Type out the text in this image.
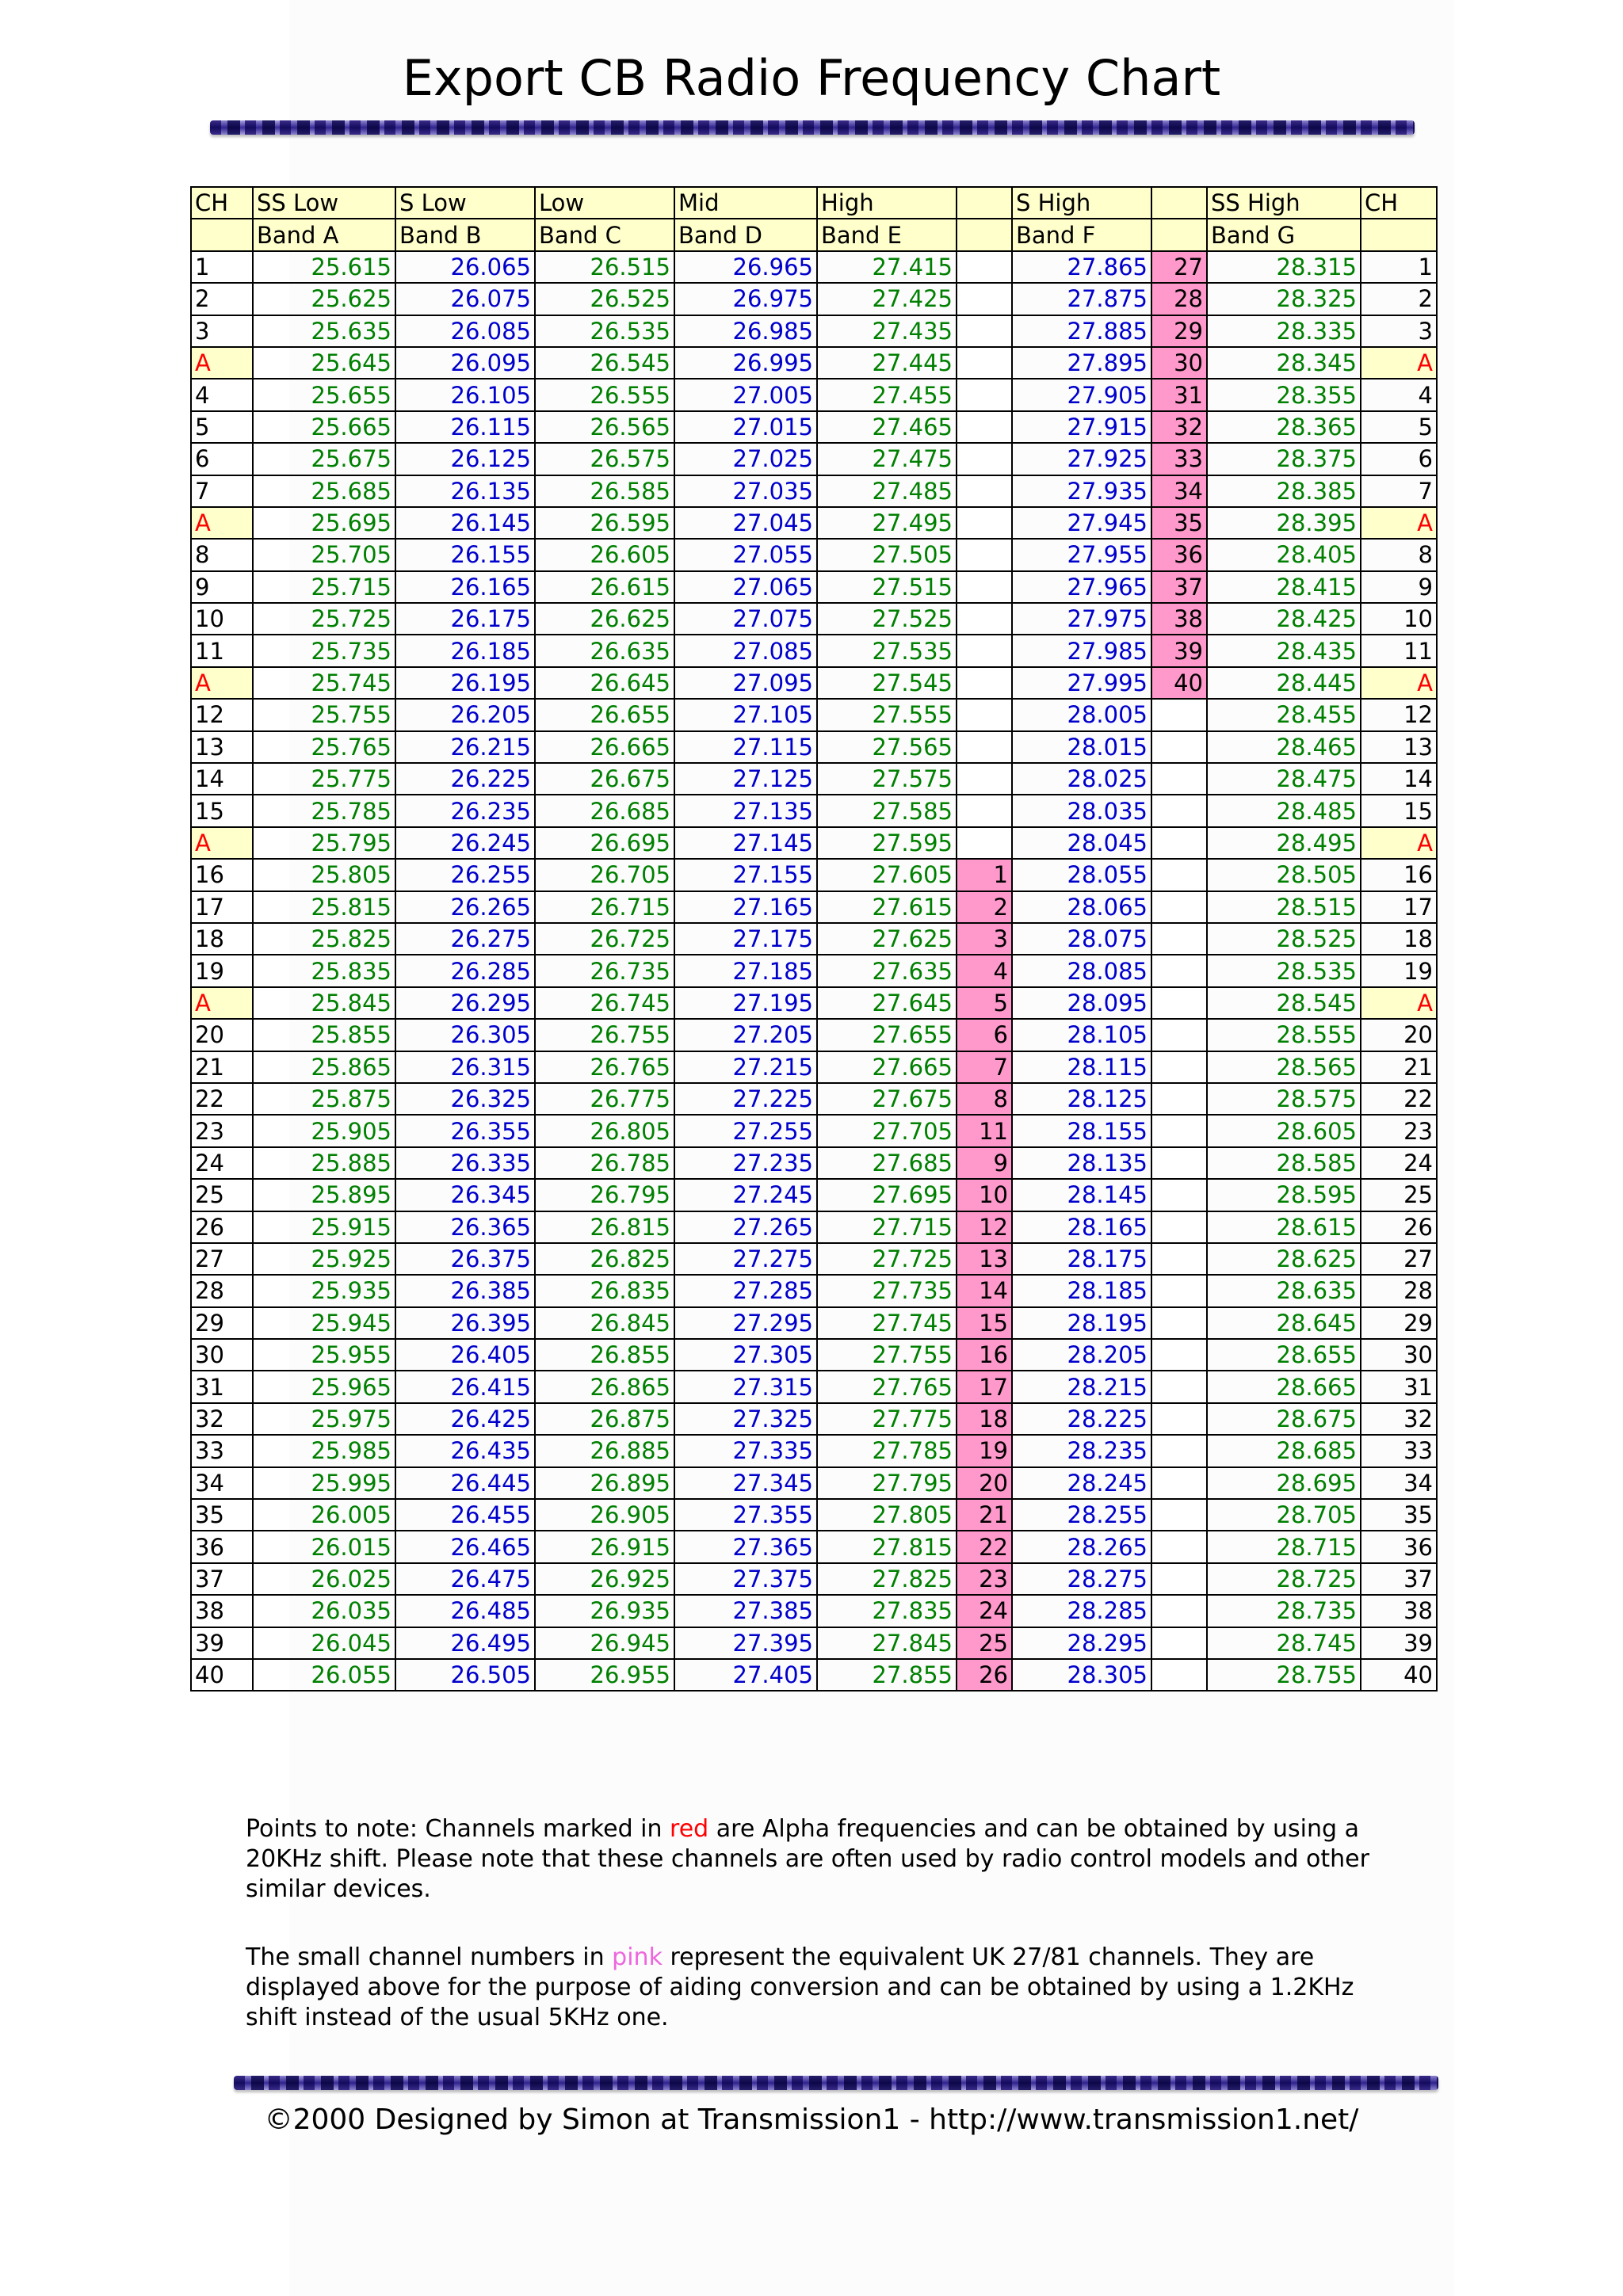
Export CB Radio Frequency Chart
CH	SS Low	S Low	Low	Mid	High		S High		SS High	CH
	Band A	Band B	Band C	Band D	Band E		Band F		Band G	
1	25.615	26.065	26.515	26.965	27.415		27.865	27	28.315	1
2	25.625	26.075	26.525	26.975	27.425		27.875	28	28.325	2
3	25.635	26.085	26.535	26.985	27.435		27.885	29	28.335	3
A	25.645	26.095	26.545	26.995	27.445		27.895	30	28.345	A
4	25.655	26.105	26.555	27.005	27.455		27.905	31	28.355	4
5	25.665	26.115	26.565	27.015	27.465		27.915	32	28.365	5
6	25.675	26.125	26.575	27.025	27.475		27.925	33	28.375	6
7	25.685	26.135	26.585	27.035	27.485		27.935	34	28.385	7
A	25.695	26.145	26.595	27.045	27.495		27.945	35	28.395	A
8	25.705	26.155	26.605	27.055	27.505		27.955	36	28.405	8
9	25.715	26.165	26.615	27.065	27.515		27.965	37	28.415	9
10	25.725	26.175	26.625	27.075	27.525		27.975	38	28.425	10
11	25.735	26.185	26.635	27.085	27.535		27.985	39	28.435	11
A	25.745	26.195	26.645	27.095	27.545		27.995	40	28.445	A
12	25.755	26.205	26.655	27.105	27.555		28.005		28.455	12
13	25.765	26.215	26.665	27.115	27.565		28.015		28.465	13
14	25.775	26.225	26.675	27.125	27.575		28.025		28.475	14
15	25.785	26.235	26.685	27.135	27.585		28.035		28.485	15
A	25.795	26.245	26.695	27.145	27.595		28.045		28.495	A
16	25.805	26.255	26.705	27.155	27.605	1	28.055		28.505	16
17	25.815	26.265	26.715	27.165	27.615	2	28.065		28.515	17
18	25.825	26.275	26.725	27.175	27.625	3	28.075		28.525	18
19	25.835	26.285	26.735	27.185	27.635	4	28.085		28.535	19
A	25.845	26.295	26.745	27.195	27.645	5	28.095		28.545	A
20	25.855	26.305	26.755	27.205	27.655	6	28.105		28.555	20
21	25.865	26.315	26.765	27.215	27.665	7	28.115		28.565	21
22	25.875	26.325	26.775	27.225	27.675	8	28.125		28.575	22
23	25.905	26.355	26.805	27.255	27.705	11	28.155		28.605	23
24	25.885	26.335	26.785	27.235	27.685	9	28.135		28.585	24
25	25.895	26.345	26.795	27.245	27.695	10	28.145		28.595	25
26	25.915	26.365	26.815	27.265	27.715	12	28.165		28.615	26
27	25.925	26.375	26.825	27.275	27.725	13	28.175		28.625	27
28	25.935	26.385	26.835	27.285	27.735	14	28.185		28.635	28
29	25.945	26.395	26.845	27.295	27.745	15	28.195		28.645	29
30	25.955	26.405	26.855	27.305	27.755	16	28.205		28.655	30
31	25.965	26.415	26.865	27.315	27.765	17	28.215		28.665	31
32	25.975	26.425	26.875	27.325	27.775	18	28.225		28.675	32
33	25.985	26.435	26.885	27.335	27.785	19	28.235		28.685	33
34	25.995	26.445	26.895	27.345	27.795	20	28.245		28.695	34
35	26.005	26.455	26.905	27.355	27.805	21	28.255		28.705	35
36	26.015	26.465	26.915	27.365	27.815	22	28.265		28.715	36
37	26.025	26.475	26.925	27.375	27.825	23	28.275		28.725	37
38	26.035	26.485	26.935	27.385	27.835	24	28.285		28.735	38
39	26.045	26.495	26.945	27.395	27.845	25	28.295		28.745	39
40	26.055	26.505	26.955	27.405	27.855	26	28.305		28.755	40

Points to note: Channels marked in red are Alpha frequencies and can be obtained by using a 20KHz shift. Please note that these channels are often used by radio control models and other similar devices.

The small channel numbers in pink represent the equivalent UK 27/81 channels. They are displayed above for the purpose of aiding conversion and can be obtained by using a 1.2KHz shift instead of the usual 5KHz one.

©2000 Designed by Simon at Transmission1 - http://www.transmission1.net/
